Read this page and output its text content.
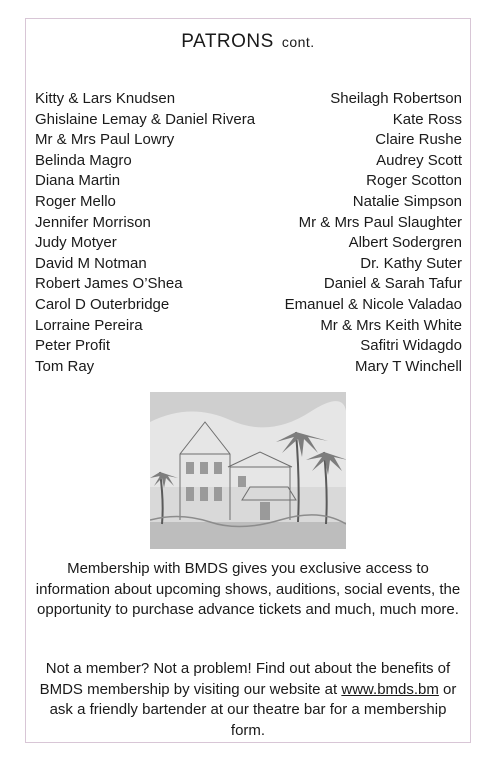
PATRONS cont.
Kitty & Lars Knudsen
Ghislaine Lemay & Daniel Rivera
Mr & Mrs Paul Lowry
Belinda Magro
Diana Martin
Roger Mello
Jennifer Morrison
Judy Motyer
David M Notman
Robert James O’Shea
Carol D Outerbridge
Lorraine Pereira
Peter Profit
Tom Ray
Sheilagh Robertson
Kate Ross
Claire Rushe
Audrey Scott
Roger Scotton
Natalie Simpson
Mr & Mrs Paul Slaughter
Albert Sodergren
Dr. Kathy Suter
Daniel & Sarah Tafur
Emanuel & Nicole Valadao
Mr & Mrs Keith White
Safitri Widagdo
Mary T Winchell
Membership with BMDS gives you exclusive access to information about upcoming shows, auditions, social events, the opportunity to purchase advance tickets and much, much more.
Not a member? Not a problem! Find out about the benefits of BMDS membership by visiting our website at www.bmds.bm or ask a friendly bartender at our theatre bar for a membership form.
